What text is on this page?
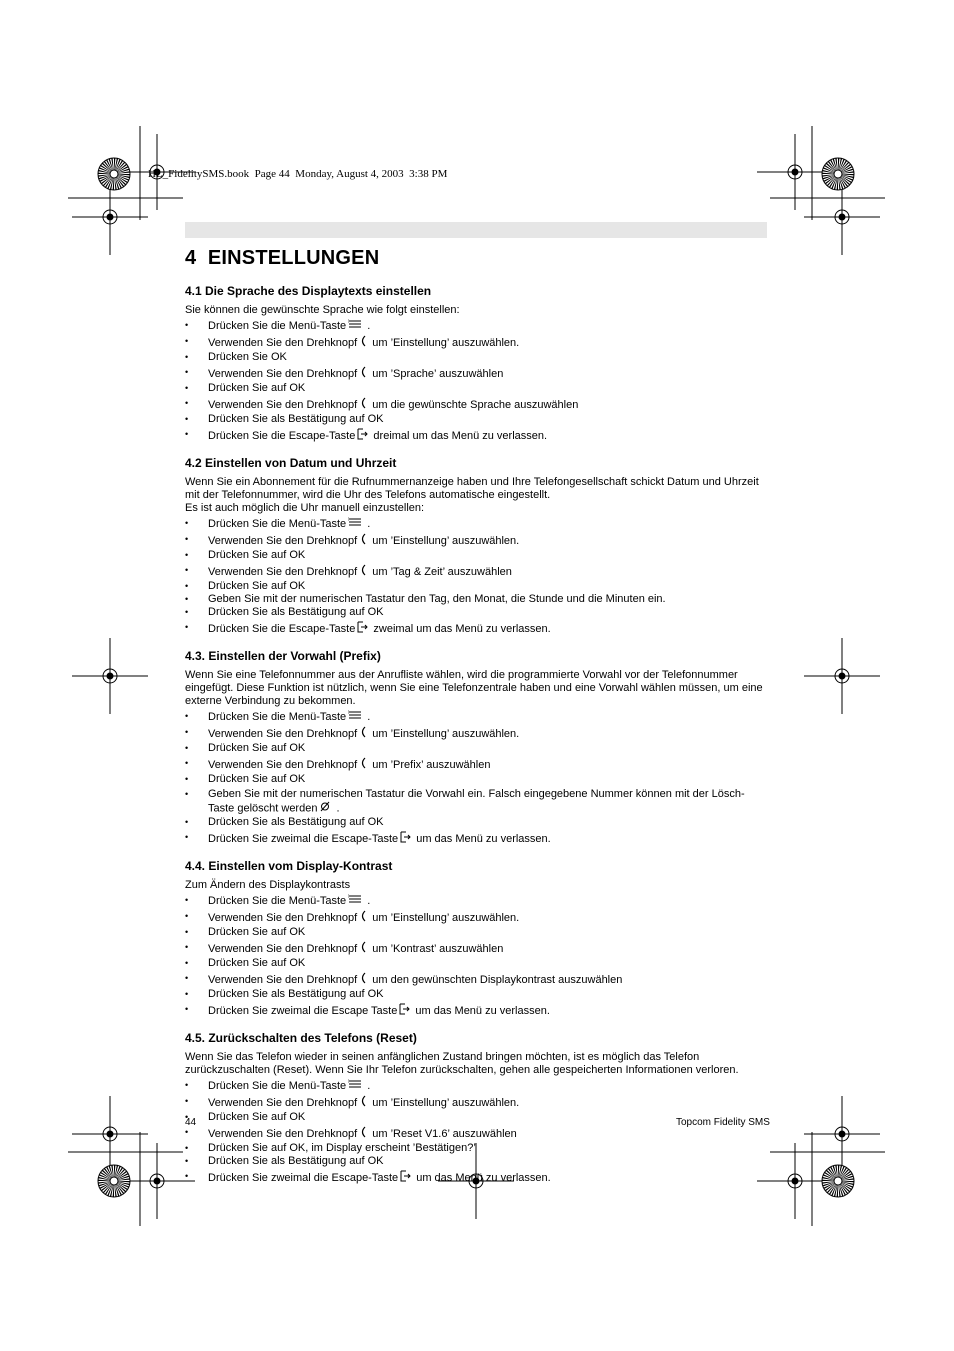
HL_FidelitySMS.book  Page 44  Monday, August 4, 2003  3:38 PM
4 EINSTELLUNGEN
4.1 Die Sprache des Displaytexts einstellen

Sie können die gewünschte Sprache wie folgt einstellen:

• Drücken Sie die Menü-Taste .
• Verwenden Sie den Drehknopf um ’Einstellung’ auszuwählen.
• Drücken Sie OK
• Verwenden Sie den Drehknopf um ’Sprache’ auszuwählen
• Drücken Sie auf OK
• Verwenden Sie den Drehknopf um die gewünschte Sprache auszuwählen
• Drücken Sie als Bestätigung auf OK
• Drücken Sie die Escape-Taste dreimal um das Menü zu verlassen.
4.2 Einstellen von Datum und Uhrzeit

Wenn Sie ein Abonnement für die Rufnummernanzeige haben und Ihre Telefongesellschaft schickt Datum und Uhrzeit mit der Telefonnummer, wird die Uhr des Telefons automatische eingestellt.

Es ist auch möglich die Uhr manuell einzustellen:

• Drücken Sie die Menü-Taste .
• Verwenden Sie den Drehknopf um ’Einstellung’ auszuwählen.
• Drücken Sie auf OK
• Verwenden Sie den Drehknopf um ’Tag & Zeit’ auszuwählen
• Drücken Sie auf OK
• Geben Sie mit der numerischen Tastatur den Tag, den Monat, die Stunde und die Minuten ein.
• Drücken Sie als Bestätigung auf OK
• Drücken Sie die Escape-Taste zweimal um das Menü zu verlassen.
4.3. Einstellen der Vorwahl (Prefix)

Wenn Sie eine Telefonnummer aus der Anrufliste wählen, wird die programmierte Vorwahl vor der Telefonnummer eingefügt. Diese Funktion ist nützlich, wenn Sie eine Telefonzentrale haben und eine Vorwahl wählen müssen, um eine externe Verbindung zu bekommen.

• Drücken Sie die Menü-Taste .
• Verwenden Sie den Drehknopf um ’Einstellung’ auszuwählen.
• Drücken Sie auf OK
• Verwenden Sie den Drehknopf um ’Prefix’ auszuwählen
• Drücken Sie auf OK
• Geben Sie mit der numerischen Tastatur die Vorwahl ein. Falsch eingegebene Nummer können mit der Lösch-Taste gelöscht werden .
• Drücken Sie als Bestätigung auf OK
• Drücken Sie zweimal die Escape-Taste um das Menü zu verlassen.
4.4. Einstellen vom Display-Kontrast

Zum Ändern des Displaykontrasts

• Drücken Sie die Menü-Taste .
• Verwenden Sie den Drehknopf um ’Einstellung’ auszuwählen.
• Drücken Sie auf OK
• Verwenden Sie den Drehknopf um ’Kontrast’ auszuwählen
• Drücken Sie auf OK
• Verwenden Sie den Drehknopf um den gewünschten Displaykontrast auszuwählen
• Drücken Sie als Bestätigung auf OK
• Drücken Sie zweimal die Escape Taste um das Menü zu verlassen.
4.5. Zurückschalten des Telefons (Reset)

Wenn Sie das Telefon wieder in seinen anfänglichen Zustand bringen möchten, ist es möglich das Telefon zurückzuschalten (Reset). Wenn Sie Ihr Telefon zurückschalten, gehen alle gespeicherten Informationen verloren.

• Drücken Sie die Menü-Taste .
• Verwenden Sie den Drehknopf um ’Einstellung’ auszuwählen.
• Drücken Sie auf OK
• Verwenden Sie den Drehknopf um ’Reset V1.6’ auszuwählen
• Drücken Sie auf OK, im Display erscheint ’Bestätigen?’
• Drücken Sie als Bestätigung auf OK
• Drücken Sie zweimal die Escape-Taste um das Menü zu verlassen.
44	Topcom Fidelity SMS
